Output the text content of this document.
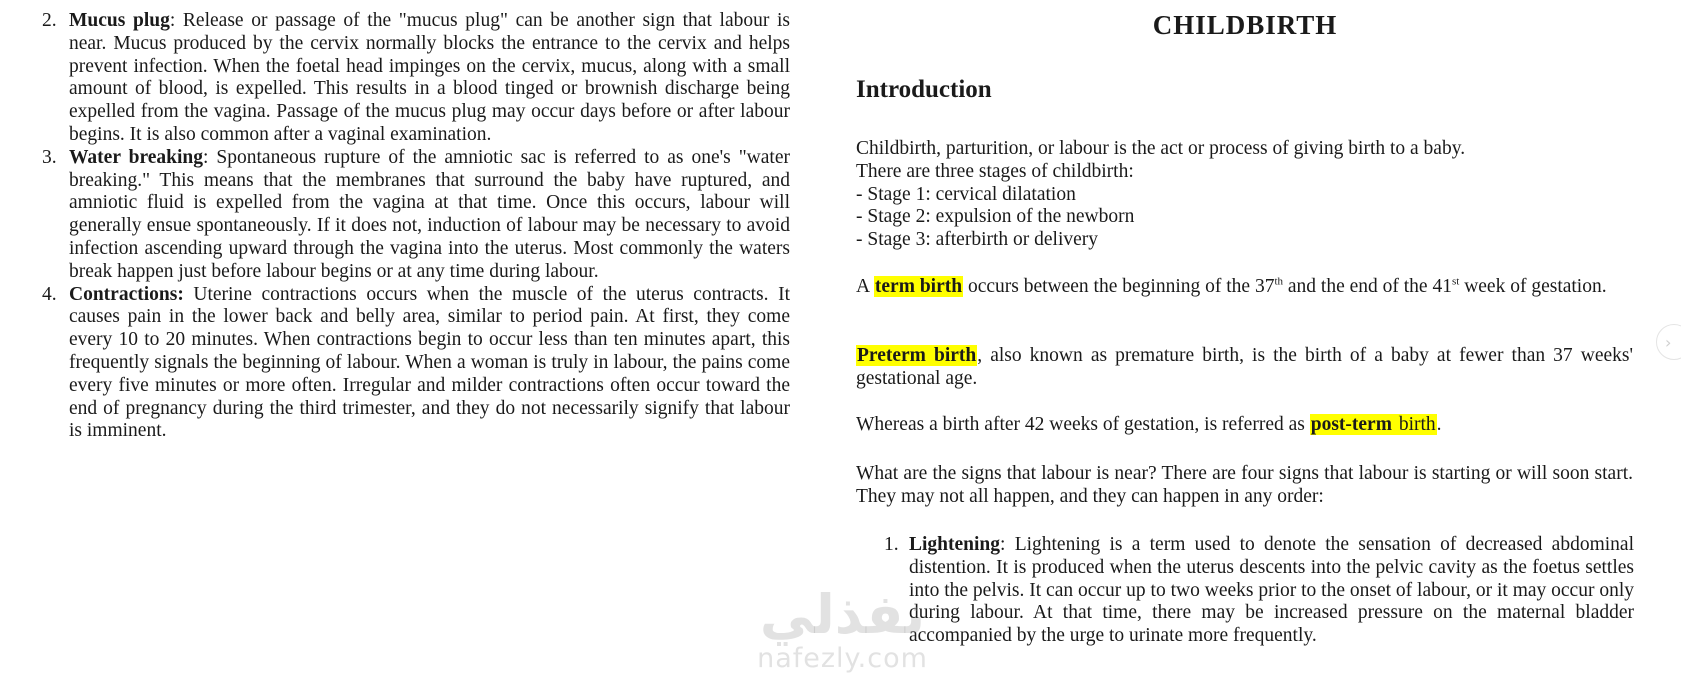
2. Mucus plug: Release or passage of the "mucus plug" can be another sign that labour is near. Mucus produced by the cervix normally blocks the entrance to the cervix and helps prevent infection. When the foetal head impinges on the cervix, mucus, along with a small amount of blood, is expelled. This results in a blood tinged or brownish discharge being expelled from the vagina. Passage of the mucus plug may occur days before or after labour begins. It is also common after a vaginal examination.
3. Water breaking: Spontaneous rupture of the amniotic sac is referred to as one's "water breaking." This means that the membranes that surround the baby have ruptured, and amniotic fluid is expelled from the vagina at that time. Once this occurs, labour will generally ensue spontaneously. If it does not, induction of labour may be necessary to avoid infection ascending upward through the vagina into the uterus. Most commonly the waters break happen just before labour begins or at any time during labour.
4. Contractions: Uterine contractions occurs when the muscle of the uterus contracts. It causes pain in the lower back and belly area, similar to period pain. At first, they come every 10 to 20 minutes. When contractions begin to occur less than ten minutes apart, this frequently signals the beginning of labour. When a woman is truly in labour, the pains come every five minutes or more often. Irregular and milder contractions often occur toward the end of pregnancy during the third trimester, and they do not necessarily signify that labour is imminent.
CHILDBIRTH
Introduction
Childbirth, parturition, or labour is the act or process of giving birth to a baby.
There are three stages of childbirth:
- Stage 1: cervical dilatation
- Stage 2: expulsion of the newborn
- Stage 3: afterbirth or delivery

A term birth occurs between the beginning of the 37th and the end of the 41st week of gestation.

Preterm birth, also known as premature birth, is the birth of a baby at fewer than 37 weeks' gestational age.

Whereas a birth after 42 weeks of gestation, is referred as post-term birth.

What are the signs that labour is near? There are four signs that labour is starting or will soon start. They may not all happen, and they can happen in any order:

1. Lightening: Lightening is a term used to denote the sensation of decreased abdominal distention. It is produced when the uterus descents into the pelvic cavity as the foetus settles into the pelvis. It can occur up to two weeks prior to the onset of labour, or it may occur only during labour. At that time, there may be increased pressure on the maternal bladder accompanied by the urge to urinate more frequently.
نفذلي
nafezly.com
›
